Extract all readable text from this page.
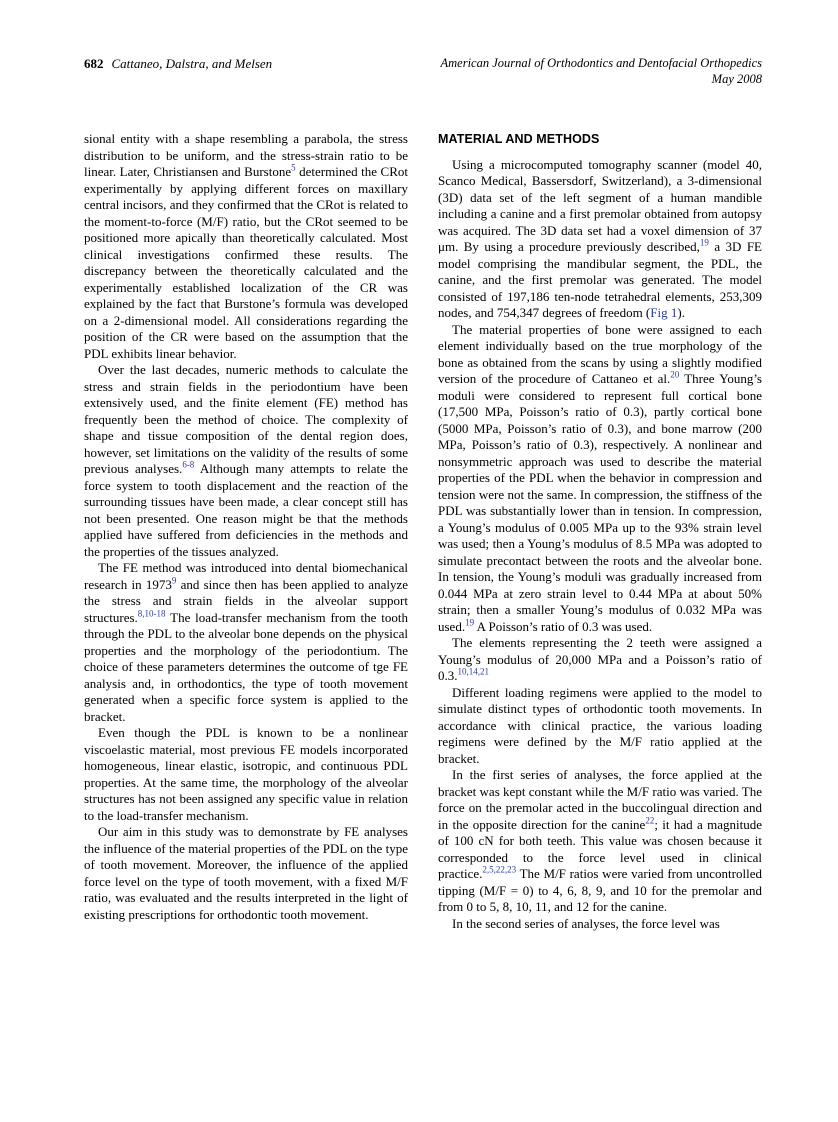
682 Cattaneo, Dalstra, and Melsen	American Journal of Orthodontics and Dentofacial Orthopedics
May 2008

sional entity with a shape resembling a parabola, the stress distribution to be uniform, and the stress-strain ratio to be linear. Later, Christiansen and Burstone$^5$ determined the CRot experimentally by applying different forces on maxillary central incisors, and they confirmed that the CRot is related to the moment-to-force (M/F) ratio, but the CRot seemed to be positioned more apically than theoretically calculated. Most clinical investigations confirmed these results. The discrepancy between the theoretically calculated and the experimentally established localization of the CR was explained by the fact that Burstone’s formula was developed on a 2-dimensional model. All considerations regarding the position of the CR were based on the assumption that the PDL exhibits linear behavior.

Over the last decades, numeric methods to calculate the stress and strain fields in the periodontium have been extensively used, and the finite element (FE) method has frequently been the method of choice. The complexity of shape and tissue composition of the dental region does, however, set limitations on the validity of the results of some previous analyses.$^{6-8}$ Although many attempts to relate the force system to tooth displacement and the reaction of the surrounding tissues have been made, a clear concept still has not been presented. One reason might be that the methods applied have suffered from deficiencies in the methods and the properties of the tissues analyzed.

The FE method was introduced into dental biomechanical research in 1973$^9$ and since then has been applied to analyze the stress and strain fields in the alveolar support structures.$^{8,10-18}$ The load-transfer mechanism from the tooth through the PDL to the alveolar bone depends on the physical properties and the morphology of the periodontium. The choice of these parameters determines the outcome of tge FE analysis and, in orthodontics, the type of tooth movement generated when a specific force system is applied to the bracket.

Even though the PDL is known to be a nonlinear viscoelastic material, most previous FE models incorporated homogeneous, linear elastic, isotropic, and continuous PDL properties. At the same time, the morphology of the alveolar structures has not been assigned any specific value in relation to the load-transfer mechanism.

Our aim in this study was to demonstrate by FE analyses the influence of the material properties of the PDL on the type of tooth movement. Moreover, the influence of the applied force level on the type of tooth movement, with a fixed M/F ratio, was evaluated and the results interpreted in the light of existing prescriptions for orthodontic tooth movement.

MATERIAL AND METHODS

Using a microcomputed tomography scanner (model 40, Scanco Medical, Bassersdorf, Switzerland), a 3-dimensional (3D) data set of the left segment of a human mandible including a canine and a first premolar obtained from autopsy was acquired. The 3D data set had a voxel dimension of 37 μm. By using a procedure previously described,$^{19}$ a 3D FE model comprising the mandibular segment, the PDL, the canine, and the first premolar was generated. The model consisted of 197,186 ten-node tetrahedral elements, 253,309 nodes, and 754,347 degrees of freedom (Fig 1).

The material properties of bone were assigned to each element individually based on the true morphology of the bone as obtained from the scans by using a slightly modified version of the procedure of Cattaneo et al.$^{20}$ Three Young’s moduli were considered to represent full cortical bone (17,500 MPa, Poisson’s ratio of 0.3), partly cortical bone (5000 MPa, Poisson’s ratio of 0.3), and bone marrow (200 MPa, Poisson’s ratio of 0.3), respectively. A nonlinear and nonsymmetric approach was used to describe the material properties of the PDL when the behavior in compression and tension were not the same. In compression, the stiffness of the PDL was substantially lower than in tension. In compression, a Young’s modulus of 0.005 MPa up to the 93% strain level was used; then a Young’s modulus of 8.5 MPa was adopted to simulate precontact between the roots and the alveolar bone. In tension, the Young’s moduli was gradually increased from 0.044 MPa at zero strain level to 0.44 MPa at about 50% strain; then a smaller Young’s modulus of 0.032 MPa was used.$^{19}$ A Poisson’s ratio of 0.3 was used.

The elements representing the 2 teeth were assigned a Young’s modulus of 20,000 MPa and a Poisson’s ratio of 0.3.$^{10,14,21}$

Different loading regimens were applied to the model to simulate distinct types of orthodontic tooth movements. In accordance with clinical practice, the various loading regimens were defined by the M/F ratio applied at the bracket.

In the first series of analyses, the force applied at the bracket was kept constant while the M/F ratio was varied. The force on the premolar acted in the buccolingual direction and in the opposite direction for the canine$^{22}$; it had a magnitude of 100 cN for both teeth. This value was chosen because it corresponded to the force level used in clinical practice.$^{2,5,22,23}$ The M/F ratios were varied from uncontrolled tipping (M/F = 0) to 4, 6, 8, 9, and 10 for the premolar and from 0 to 5, 8, 10, 11, and 12 for the canine.

In the second series of analyses, the force level was
